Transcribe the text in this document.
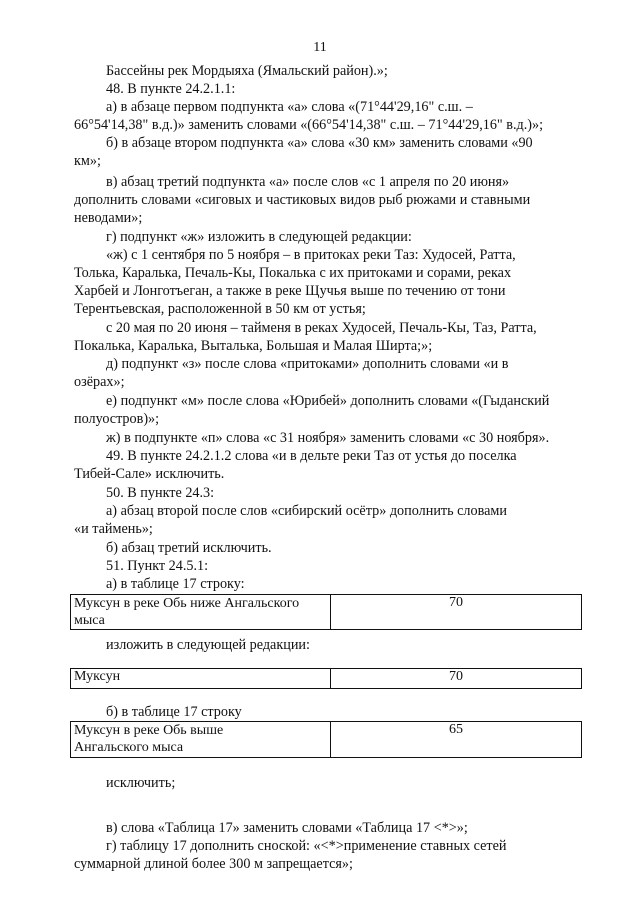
11
Бассейны рек Мордыяха (Ямальский район).»;
48. В пункте 24.2.1.1:
а) в абзаце первом подпункта «а» слова «(71°44'29,16" с.ш. –
66°54'14,38" в.д.)» заменить словами «(66°54'14,38" с.ш. – 71°44'29,16" в.д.)»;
б) в абзаце втором подпункта «а» слова «30 км» заменить словами «90
км»;
в) абзац третий подпункта «а» после слов «с 1 апреля по 20 июня»
дополнить словами «сиговых и частиковых видов рыб рюжами и ставными
неводами»;
г) подпункт «ж» изложить в следующей редакции:
«ж) с 1 сентября по 5 ноября – в притоках реки Таз: Худосей, Ратта,
Толька, Каралька, Печаль-Кы, Покалька с их притоками и сорами, реках
Харбей и Лонготъеган, а также в реке Щучья выше по течению от тони
Терентьевская, расположенной в 50 км от устья;
с 20 мая по 20 июня – тайменя в реках Худосей, Печаль-Кы, Таз, Ратта,
Покалька, Каралька, Выталька, Большая и Малая Ширта;»;
д) подпункт «з» после слова «притоками» дополнить словами «и в
озёрах»;
е) подпункт «м» после слова «Юрибей» дополнить словами «(Гыданский
полуостров)»;
ж) в подпункте «п» слова «с 31 ноября» заменить словами «с 30 ноября».
49. В пункте 24.2.1.2 слова «и в дельте реки Таз от устья до поселка
Тибей-Сале» исключить.
50. В пункте 24.3:
а) абзац второй после слов «сибирский осётр» дополнить словами
«и таймень»;
б) абзац третий исключить.
51. Пункт 24.5.1:
а) в таблице 17 строку:
Муксун в реке Обь ниже Ангальского
мыса
	70
изложить в следующей редакции:
Муксун	70
б) в таблице 17 строку
Муксун в реке Обь выше
Ангальского мыса
	65
исключить;
в) слова «Таблица 17» заменить словами «Таблица 17 <*>»;
г) таблицу 17 дополнить сноской: «<*>применение ставных сетей
суммарной длиной более 300 м запрещается»;
